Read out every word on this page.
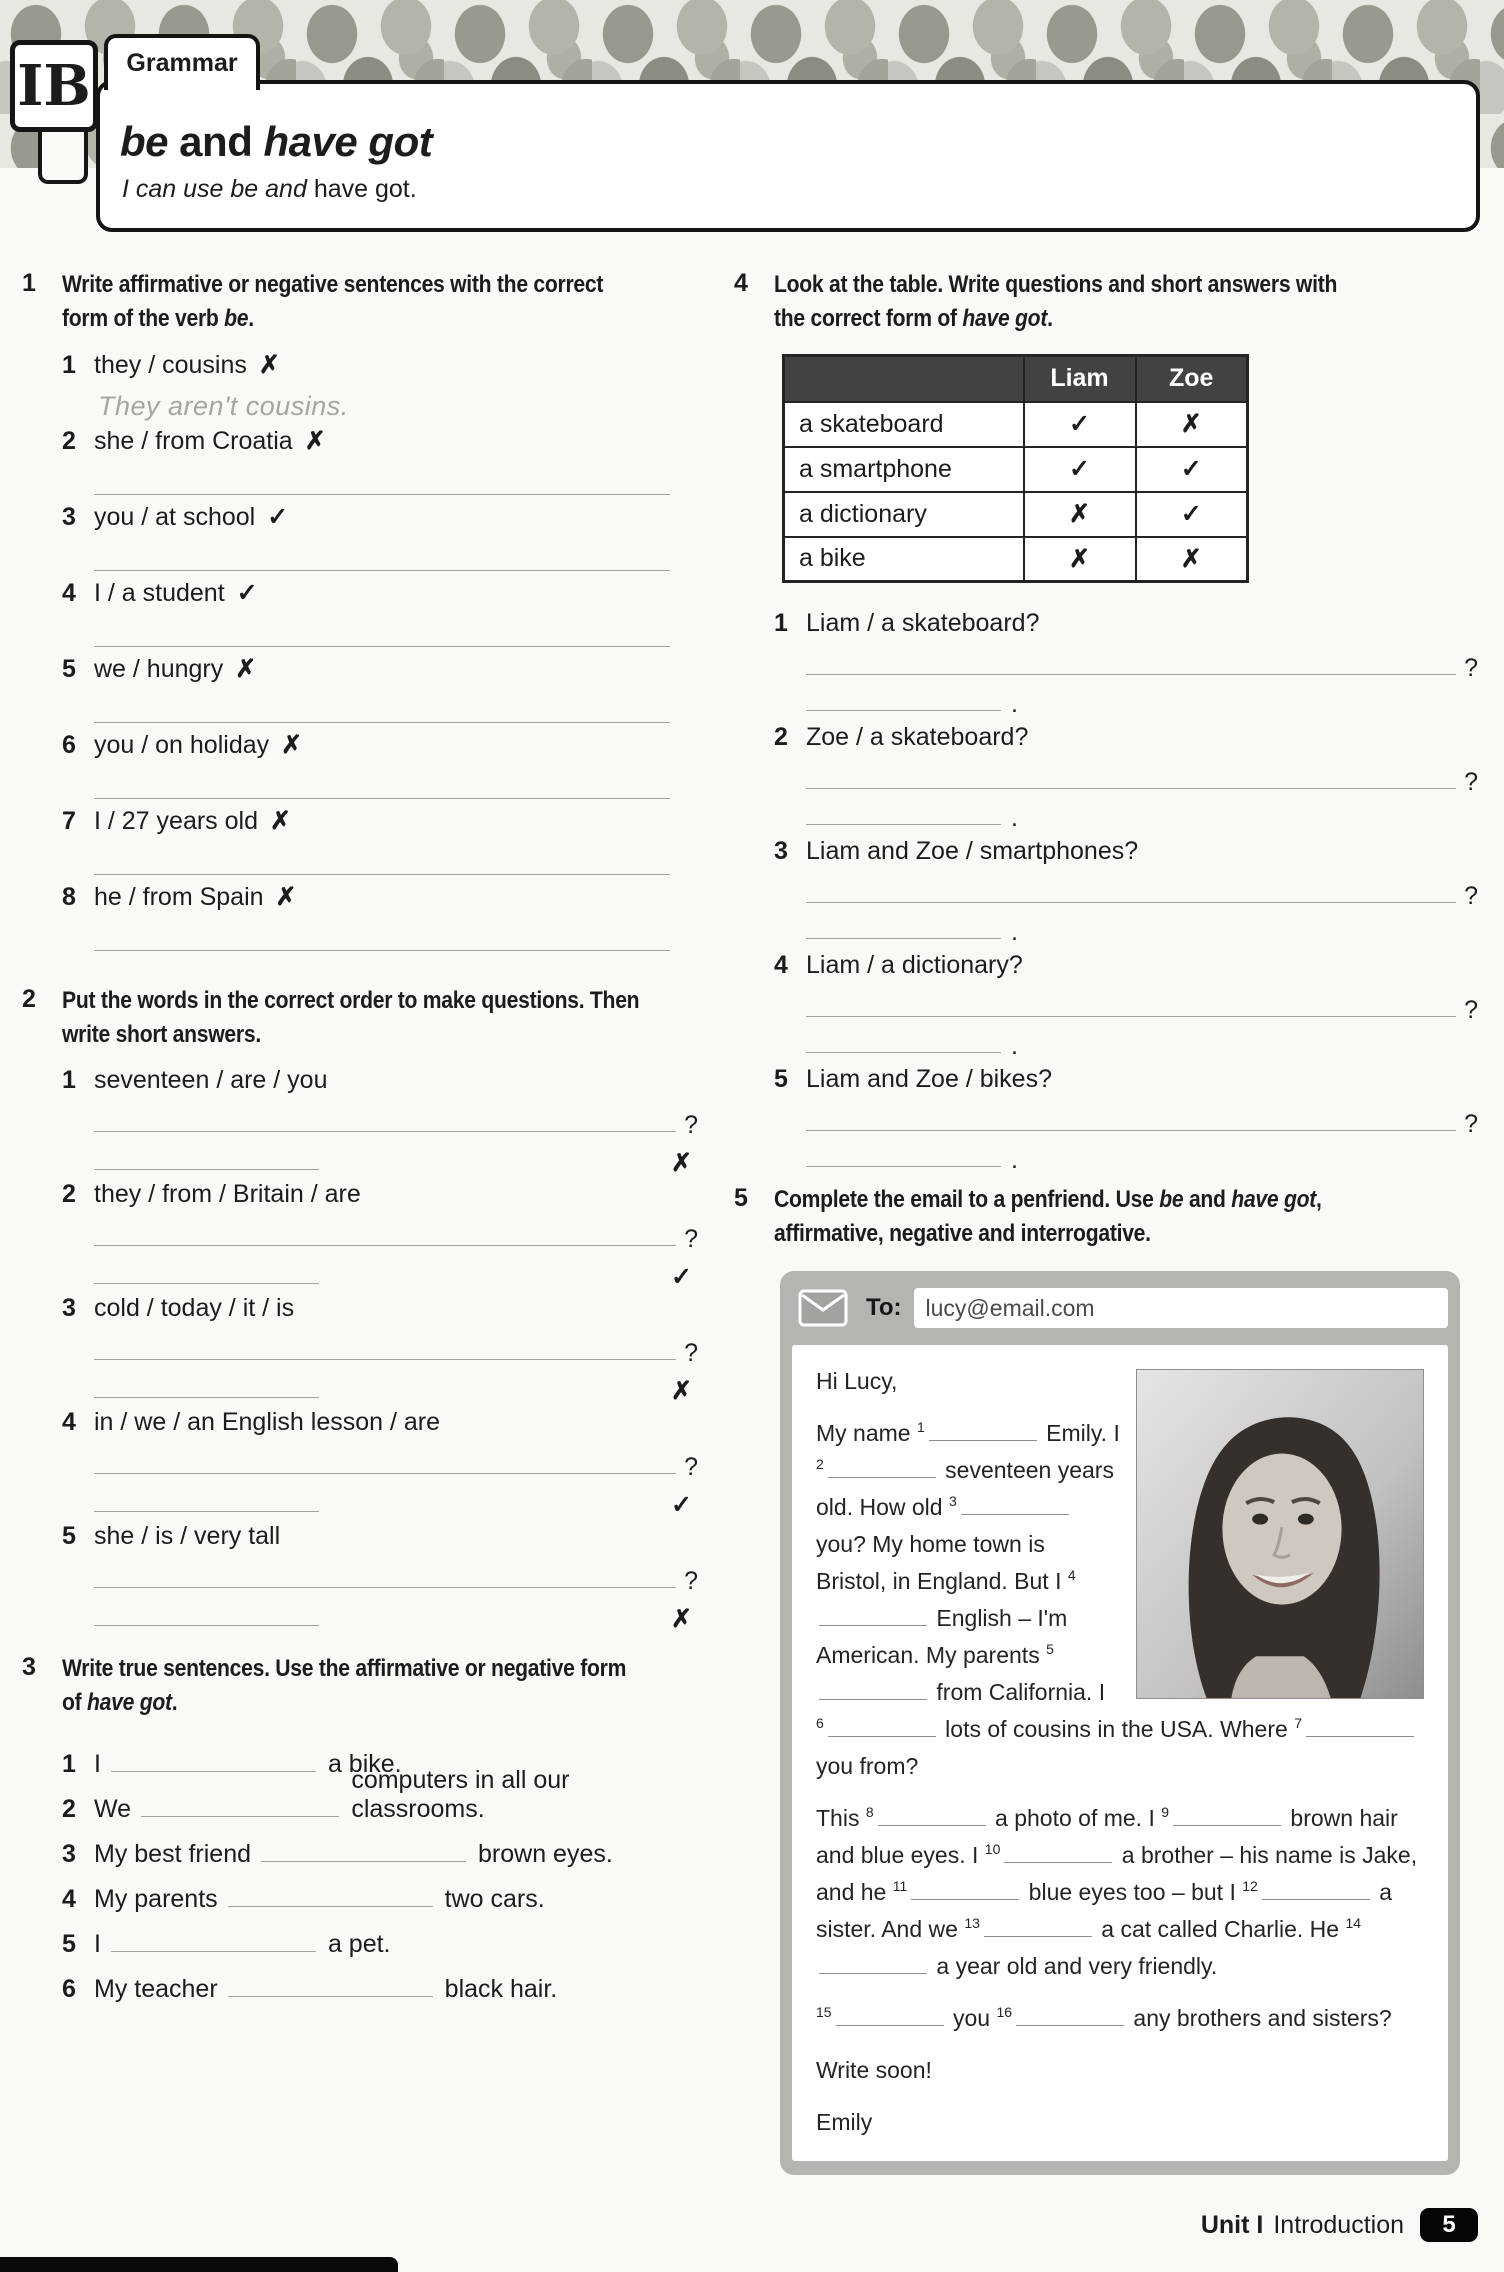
Grammar
IB
be and have got

I can use be and have got.

1	Write affirmative or negative sentences with the correct
form of the verb be.
1 they / cousins ✗
They aren't cousins.
2 she / from Croatia ✗
3 you / at school ✓
4 I / a student ✓
5 we / hungry ✗
6 you / on holiday ✗
7 I / 27 years old ✗
8 he / from Spain ✗
2	Put the words in the correct order to make questions. Then
write short answers.
1 seventeen / are / you
?
✗
2 they / from / Britain / are
?
✓
3 cold / today / it / is
?
✗
4 in / we / an English lesson / are
?
✓
5 she / is / very tall
?
✗
3	Write true sentences. Use the affirmative or negative form
of have got.
1 I	a bike.
2 We
computers in all our classrooms.
3 My best friend	brown eyes.
4 My parents	two cars.
5 I	a pet.
6 My teacher	black hair.
4	Look at the table. Write questions and short answers with
the correct form of have got.
	Liam	Zoe
a skateboard	✓	✗
a smartphone	✓	✓
a dictionary	✗	✓
a bike	✗	✗
1 Liam / a skateboard?
?
.
2 Zoe / a skateboard?
?
.
3 Liam and Zoe / smartphones?
?
.
4 Liam / a dictionary?
?
.
5 Liam and Zoe / bikes?
?
.
5	Complete the email to a penfriend. Use be and have got,
affirmative, negative and interrogative.
To:	lucy@email.com

Hi Lucy,

My name $^1$	Emily. I $^2$	seventeen years old. How old $^3$ you? My home town is Bristol, in England. But I $^4$ English – I'm American. My parents $^5$ from California. I $^6$	lots of cousins in the USA. Where $^7$ you from?

This $^8$	a photo of me. I $^9$	brown hair and blue eyes. I $^{10}$	a brother – his name is Jake, and he $^{11}$	blue eyes too – but I $^{12}$	a sister. And we $^{13}$	a cat called Charlie. He $^{14}$ a year old and very friendly.

$^{15}$	you $^{16}$	any brothers and sisters?

Write soon!

Emily

Unit I Introduction	5
